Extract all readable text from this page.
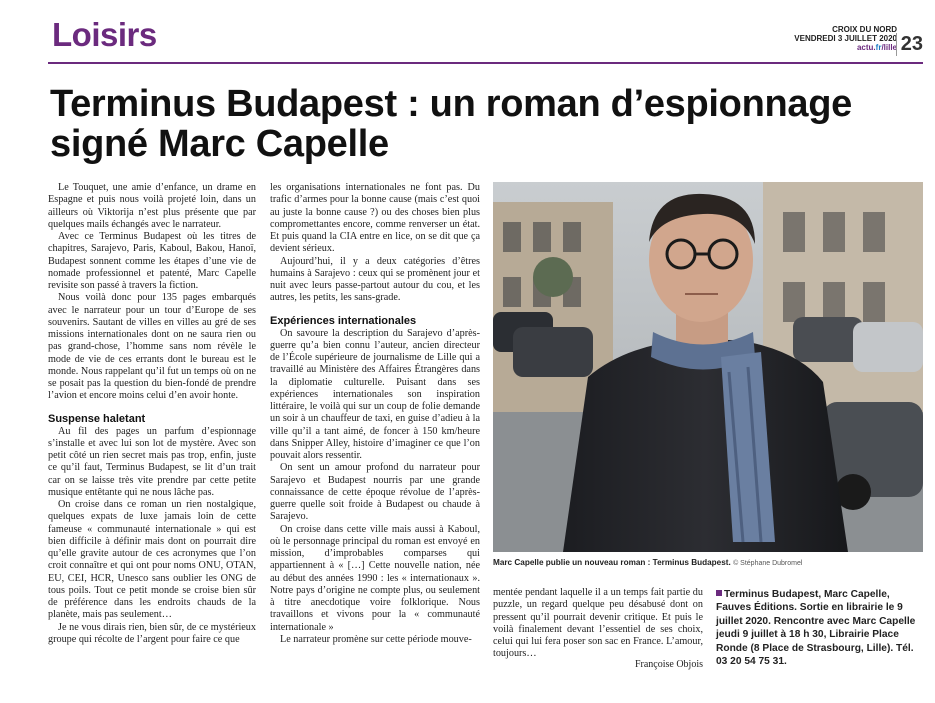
Loisirs	CROIX DU NORD
VENDREDI 3 JUILLET 2020
actu.fr/lille 23
Terminus Budapest : un roman d’espionnage signé Marc Capelle

Le Touquet, une amie d’enfance, un drame en Espagne et puis nous voilà projeté loin, dans un ailleurs où Viktorija n’est plus présente que par quelques mails échangés avec le narrateur.

Avec ce Terminus Budapest où les titres de chapitres, Sarajevo, Paris, Kaboul, Bakou, Hanoï, Budapest sonnent comme les étapes d’une vie de nomade professionnel et patenté, Marc Capelle revisite son passé à travers la fiction.

Nous voilà donc pour 135 pages embarqués avec le narrateur pour un tour d’Europe de ses souvenirs. Sautant de villes en villes au gré de ses missions internationales dont on ne saura rien ou pas grand-chose, l’homme sans nom révèle le mode de vie de ces errants dont le bureau est le monde. Nous rappelant qu’il fut un temps où on ne se posait pas la question du bien-fondé de prendre l’avion et encore moins celui d’en avoir honte.

Suspense haletant

Au fil des pages un parfum d’espionnage s’installe et avec lui son lot de mystère. Avec son petit côté un rien secret mais pas trop, enfin, juste ce qu’il faut, Terminus Budapest, se lit d’un trait car on se laisse très vite prendre par cette petite musique entêtante qui ne nous lâche pas.

On croise dans ce roman un rien nostalgique, quelques expats de luxe jamais loin de cette fameuse « communauté internationale » qui est bien difficile à définir mais dont on pourrait dire qu’elle gravite autour de ces acronymes que l’on croit connaître et qui ont pour noms ONU, OTAN, EU, CEI, HCR, Unesco sans oublier les ONG de tous poils. Tout ce petit monde se croise bien sûr de préférence dans les endroits chauds de la planète, mais pas seulement…

Je ne vous dirais rien, bien sûr, de ce mystérieux groupe qui récolte de l’argent pour faire ce que

les organisations internationales ne font pas. Du trafic d’armes pour la bonne cause (mais c’est quoi au juste la bonne cause ?) ou des choses bien plus compromettantes encore, comme renverser un état. Et puis quand la CIA entre en lice, on se dit que ça devient sérieux.

Aujourd’hui, il y a deux catégories d’êtres humains à Sarajevo : ceux qui se promènent jour et nuit avec leurs passe-partout autour du cou, et les autres, les petits, les sans-grade.

Expériences internationales

On savoure la description du Sarajevo d’après-guerre qu’a bien connu l’auteur, ancien directeur de l’École supérieure de journalisme de Lille qui a travaillé au Ministère des Affaires Étrangères dans la diplomatie culturelle. Puisant dans ses expériences internationales son inspiration littéraire, le voilà qui sur un coup de folie demande un soir à un chauffeur de taxi, en guise d’adieu à la ville qu’il a tant aimé, de foncer à 150 km/heure dans Snipper Alley, histoire d’imaginer ce que l’on pouvait alors ressentir.

On sent un amour profond du narrateur pour Sarajevo et Budapest nourris par une grande connaissance de cette époque révolue de l’après-guerre quelle soit froide à Budapest ou chaude à Sarajevo.

On croise dans cette ville mais aussi à Kaboul, où le personnage principal du roman est envoyé en mission, d’improbables comparses qui appartiennent à « […] Cette nouvelle nation, née au début des années 1990 : les « internationaux ». Notre pays d’origine ne compte plus, ou seulement à titre anecdotique voire folklorique. Nous travaillons et vivons pour la « communauté internationale »

Le narrateur promène sur cette période mouve-

Marc Capelle publie un nouveau roman : Terminus Budapest. © Stéphane Dubromel

mentée pendant laquelle il a un temps fait partie du puzzle, un regard quelque peu désabusé dont on pressent qu’il pourrait devenir critique. Et puis le voilà finalement devant l’essentiel de ses choix, celui qui lui fera poser son sac en France. L’amour, toujours…

Françoise Objois
Terminus Budapest, Marc Capelle, Fauves Éditions. Sortie en librairie le 9 juillet 2020. Rencontre avec Marc Capelle jeudi 9 juillet à 18 h 30, Librairie Place Ronde (8 Place de Strasbourg, Lille). Tél. 03 20 54 75 31.
